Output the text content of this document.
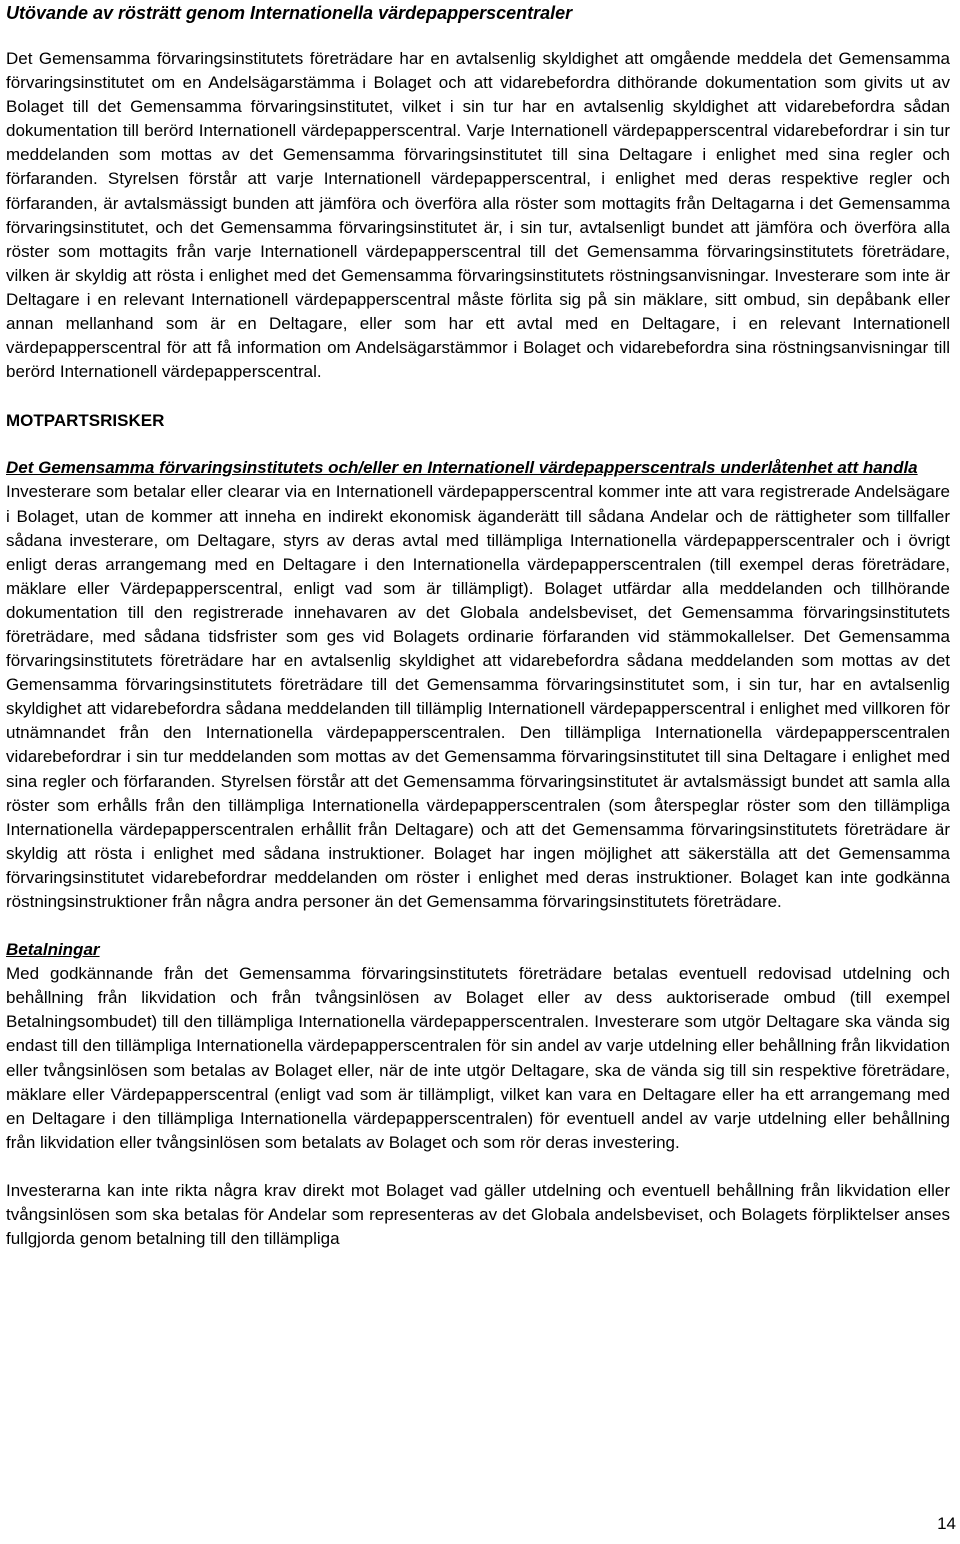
Utövande av rösträtt genom Internationella värdepapperscentraler

Det Gemensamma förvaringsinstitutets företrädare har en avtalsenlig skyldighet att omgående meddela det Gemensamma förvaringsinstitutet om en Andelsägarstämma i Bolaget och att vidarebefordra dithörande dokumentation som givits ut av Bolaget till det Gemensamma förvaringsinstitutet, vilket i sin tur har en avtalsenlig skyldighet att vidarebefordra sådan dokumentation till berörd Internationell värdepapperscentral. Varje Internationell värdepapperscentral vidarebefordrar i sin tur meddelanden som mottas av det Gemensamma förvaringsinstitutet till sina Deltagare i enlighet med sina regler och förfaranden. Styrelsen förstår att varje Internationell värdepapperscentral, i enlighet med deras respektive regler och förfaranden, är avtalsmässigt bunden att jämföra och överföra alla röster som mottagits från Deltagarna i det Gemensamma förvaringsinstitutet, och det Gemensamma förvaringsinstitutet är, i sin tur, avtalsenligt bundet att jämföra och överföra alla röster som mottagits från varje Internationell värdepapperscentral till det Gemensamma förvaringsinstitutets företrädare, vilken är skyldig att rösta i enlighet med det Gemensamma förvaringsinstitutets röstningsanvisningar. Investerare som inte är Deltagare i en relevant Internationell värdepapperscentral måste förlita sig på sin mäklare, sitt ombud, sin depåbank eller annan mellanhand som är en Deltagare, eller som har ett avtal med en Deltagare, i en relevant Internationell värdepapperscentral för att få information om Andelsägarstämmor i Bolaget och vidarebefordra sina röstningsanvisningar till berörd Internationell värdepapperscentral.

MOTPARTSRISKER
Det Gemensamma förvaringsinstitutets och/eller en Internationell värdepapperscentrals underlåtenhet att handla

Investerare som betalar eller clearar via en Internationell värdepapperscentral kommer inte att vara registrerade Andelsägare i Bolaget, utan de kommer att inneha en indirekt ekonomisk äganderätt till sådana Andelar och de rättigheter som tillfaller sådana investerare, om Deltagare, styrs av deras avtal med tillämpliga Internationella värdepapperscentraler och i övrigt enligt deras arrangemang med en Deltagare i den Internationella värdepapperscentralen (till exempel deras företrädare, mäklare eller Värdepapperscentral, enligt vad som är tillämpligt). Bolaget utfärdar alla meddelanden och tillhörande dokumentation till den registrerade innehavaren av det Globala andelsbeviset, det Gemensamma förvaringsinstitutets företrädare, med sådana tidsfrister som ges vid Bolagets ordinarie förfaranden vid stämmokallelser. Det Gemensamma förvaringsinstitutets företrädare har en avtalsenlig skyldighet att vidarebefordra sådana meddelanden som mottas av det Gemensamma förvaringsinstitutets företrädare till det Gemensamma förvaringsinstitutet som, i sin tur, har en avtalsenlig skyldighet att vidarebefordra sådana meddelanden till tillämplig Internationell värdepapperscentral i enlighet med villkoren för utnämnandet från den Internationella värdepapperscentralen. Den tillämpliga Internationella värdepapperscentralen vidarebefordrar i sin tur meddelanden som mottas av det Gemensamma förvaringsinstitutet till sina Deltagare i enlighet med sina regler och förfaranden. Styrelsen förstår att det Gemensamma förvaringsinstitutet är avtalsmässigt bundet att samla alla röster som erhålls från den tillämpliga Internationella värdepapperscentralen (som återspeglar röster som den tillämpliga Internationella värdepapperscentralen erhållit från Deltagare) och att det Gemensamma förvaringsinstitutets företrädare är skyldig att rösta i enlighet med sådana instruktioner. Bolaget har ingen möjlighet att säkerställa att det Gemensamma förvaringsinstitutet vidarebefordrar meddelanden om röster i enlighet med deras instruktioner. Bolaget kan inte godkänna röstningsinstruktioner från några andra personer än det Gemensamma förvaringsinstitutets företrädare.

Betalningar

Med godkännande från det Gemensamma förvaringsinstitutets företrädare betalas eventuell redovisad utdelning och behållning från likvidation och från tvångsinlösen av Bolaget eller av dess auktoriserade ombud (till exempel Betalningsombudet) till den tillämpliga Internationella värdepapperscentralen. Investerare som utgör Deltagare ska vända sig endast till den tillämpliga Internationella värdepapperscentralen för sin andel av varje utdelning eller behållning från likvidation eller tvångsinlösen som betalas av Bolaget eller, när de inte utgör Deltagare, ska de vända sig till sin respektive företrädare, mäklare eller Värdepapperscentral (enligt vad som är tillämpligt, vilket kan vara en Deltagare eller ha ett arrangemang med en Deltagare i den tillämpliga Internationella värdepapperscentralen) för eventuell andel av varje utdelning eller behållning från likvidation eller tvångsinlösen som betalats av Bolaget och som rör deras investering.

Investerarna kan inte rikta några krav direkt mot Bolaget vad gäller utdelning och eventuell behållning från likvidation eller tvångsinlösen som ska betalas för Andelar som representeras av det Globala andelsbeviset, och Bolagets förpliktelser anses fullgjorda genom betalning till den tillämpliga

14
